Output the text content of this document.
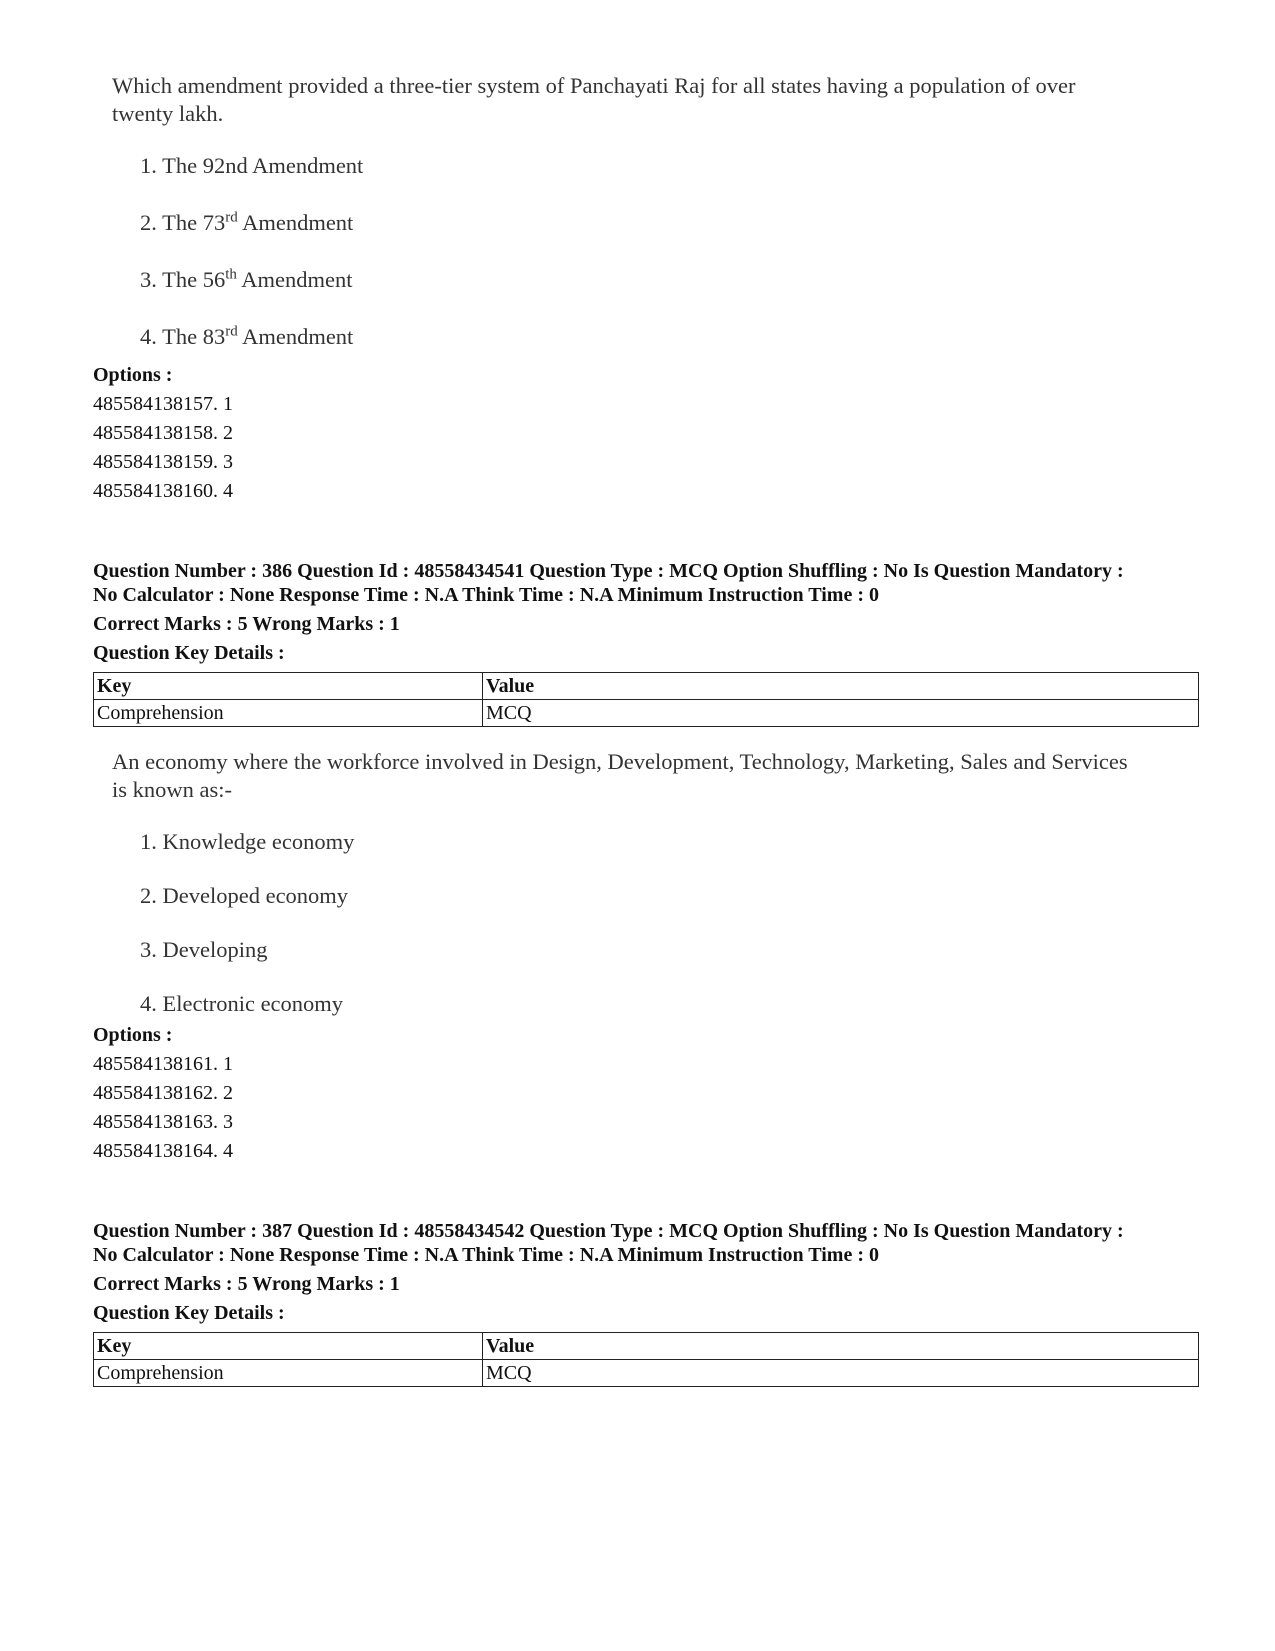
Which amendment provided a three-tier system of Panchayati Raj for all states having a population of over twenty lakh.
1. The 92nd Amendment
2. The 73rd Amendment
3. The 56th Amendment
4. The 83rd Amendment
Options :
485584138157. 1
485584138158. 2
485584138159. 3
485584138160. 4
Question Number : 386 Question Id : 48558434541 Question Type : MCQ Option Shuffling : No Is Question Mandatory :
No Calculator : None Response Time : N.A Think Time : N.A Minimum Instruction Time : 0
Correct Marks : 5 Wrong Marks : 1
Question Key Details :
Key	Value
Comprehension	MCQ
An economy where the workforce involved in Design, Development, Technology, Marketing, Sales and Services is known as:-
1. Knowledge economy
2. Developed economy
3. Developing
4. Electronic economy
Options :
485584138161. 1
485584138162. 2
485584138163. 3
485584138164. 4
Question Number : 387 Question Id : 48558434542 Question Type : MCQ Option Shuffling : No Is Question Mandatory :
No Calculator : None Response Time : N.A Think Time : N.A Minimum Instruction Time : 0
Correct Marks : 5 Wrong Marks : 1
Question Key Details :
Key	Value
Comprehension	MCQ
